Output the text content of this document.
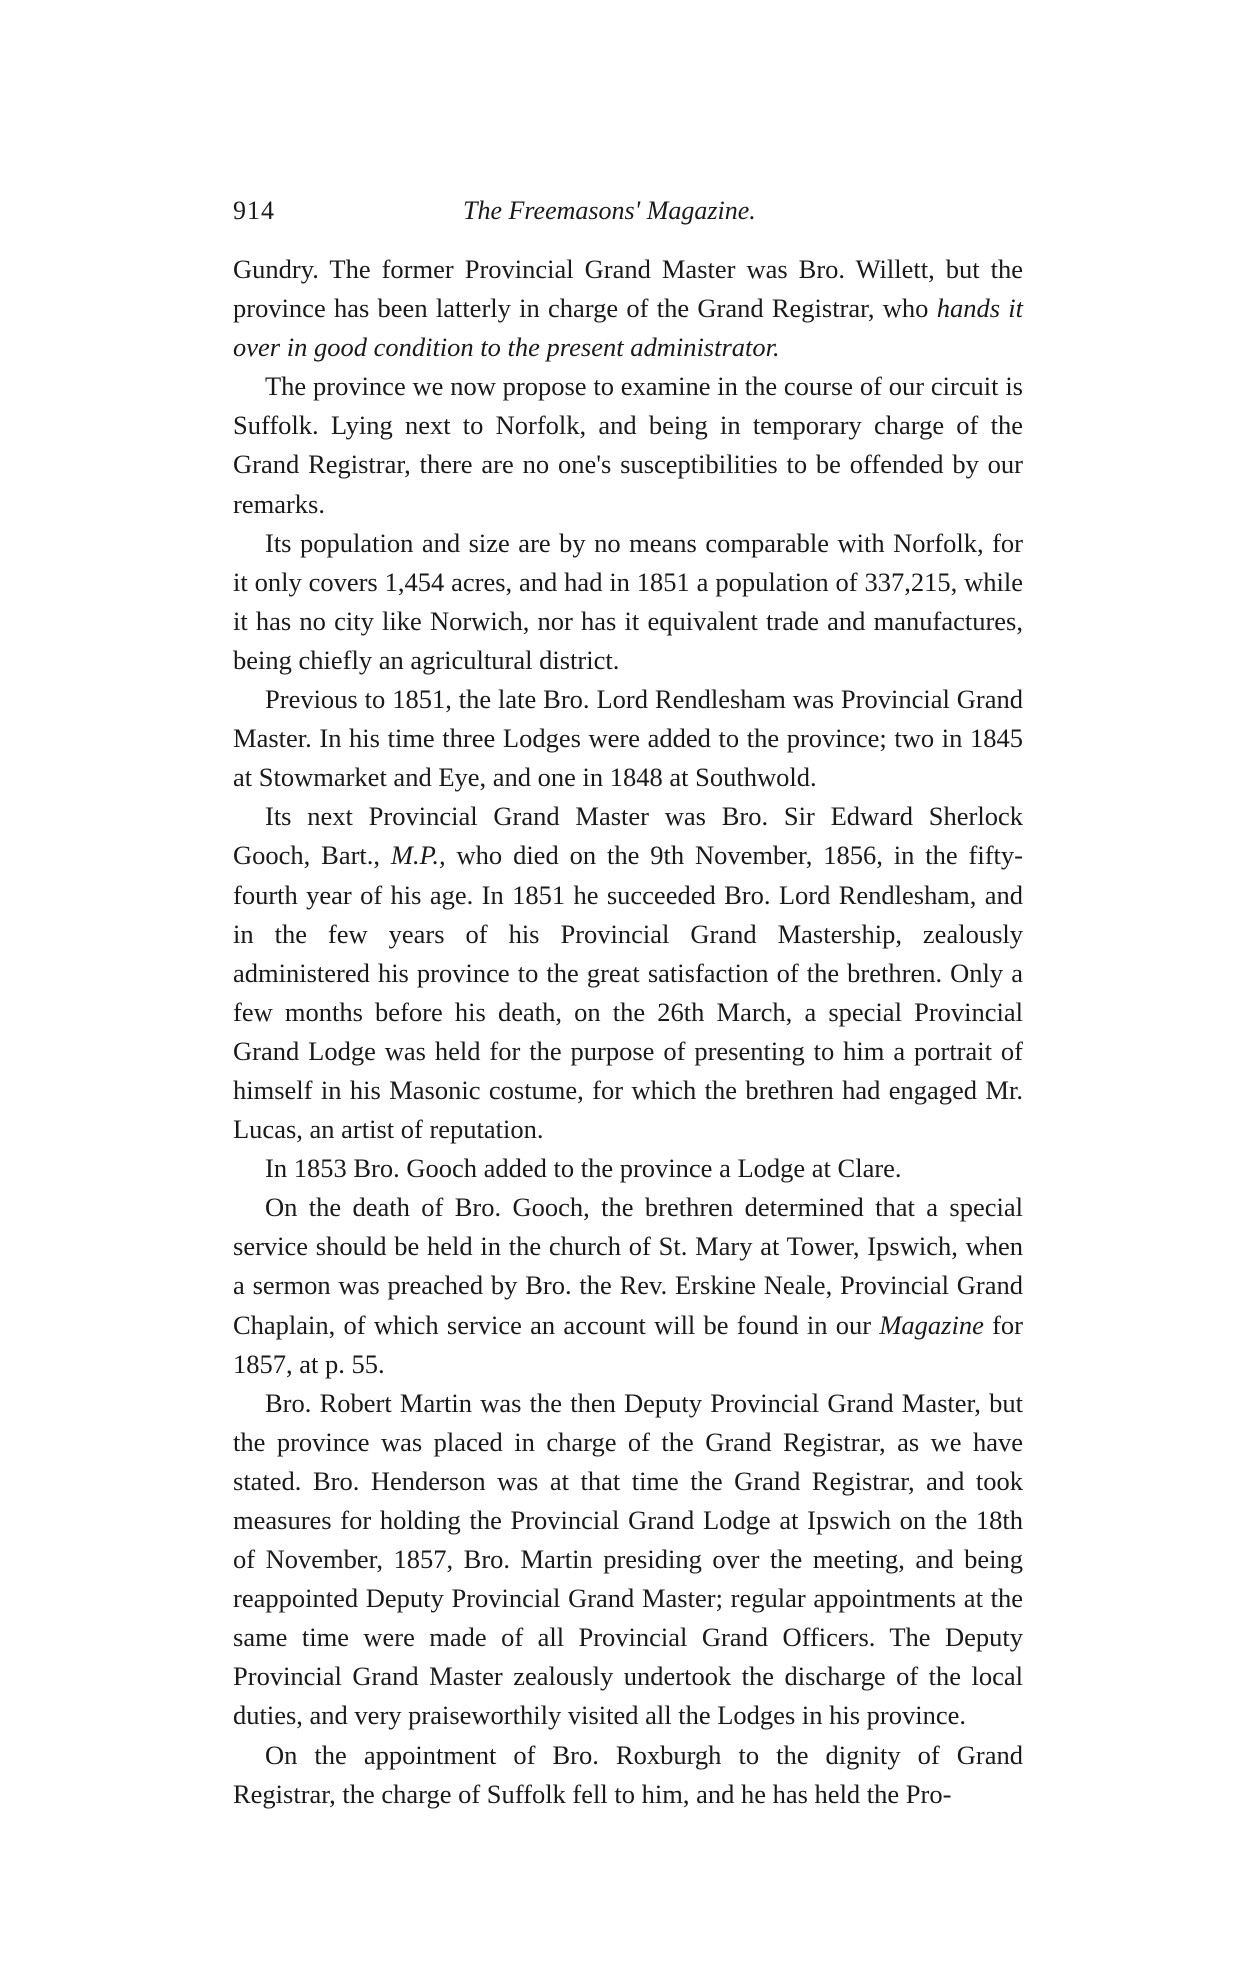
914	The Freemasons' Magazine.

Gundry. The former Provincial Grand Master was Bro. Willett, but the province has been latterly in charge of the Grand Registrar, who hands it over in good condition to the present administrator.

The province we now propose to examine in the course of our circuit is Suffolk. Lying next to Norfolk, and being in temporary charge of the Grand Registrar, there are no one's susceptibilities to be offended by our remarks.

Its population and size are by no means comparable with Norfolk, for it only covers 1,454 acres, and had in 1851 a population of 337,215, while it has no city like Norwich, nor has it equivalent trade and manufactures, being chiefly an agricultural district.

Previous to 1851, the late Bro. Lord Rendlesham was Provincial Grand Master. In his time three Lodges were added to the province; two in 1845 at Stowmarket and Eye, and one in 1848 at Southwold.

Its next Provincial Grand Master was Bro. Sir Edward Sherlock Gooch, Bart., M.P., who died on the 9th November, 1856, in the fifty-fourth year of his age. In 1851 he succeeded Bro. Lord Rendlesham, and in the few years of his Provincial Grand Mastership, zealously administered his province to the great satisfaction of the brethren. Only a few months before his death, on the 26th March, a special Provincial Grand Lodge was held for the purpose of presenting to him a portrait of himself in his Masonic costume, for which the brethren had engaged Mr. Lucas, an artist of reputation.

In 1853 Bro. Gooch added to the province a Lodge at Clare.

On the death of Bro. Gooch, the brethren determined that a special service should be held in the church of St. Mary at Tower, Ipswich, when a sermon was preached by Bro. the Rev. Erskine Neale, Provincial Grand Chaplain, of which service an account will be found in our Magazine for 1857, at p. 55.

Bro. Robert Martin was the then Deputy Provincial Grand Master, but the province was placed in charge of the Grand Registrar, as we have stated. Bro. Henderson was at that time the Grand Registrar, and took measures for holding the Provincial Grand Lodge at Ipswich on the 18th of November, 1857, Bro. Martin presiding over the meeting, and being reappointed Deputy Provincial Grand Master; regular appointments at the same time were made of all Provincial Grand Officers. The Deputy Provincial Grand Master zealously undertook the discharge of the local duties, and very praiseworthily visited all the Lodges in his province.

On the appointment of Bro. Roxburgh to the dignity of Grand Registrar, the charge of Suffolk fell to him, and he has held the Pro-
